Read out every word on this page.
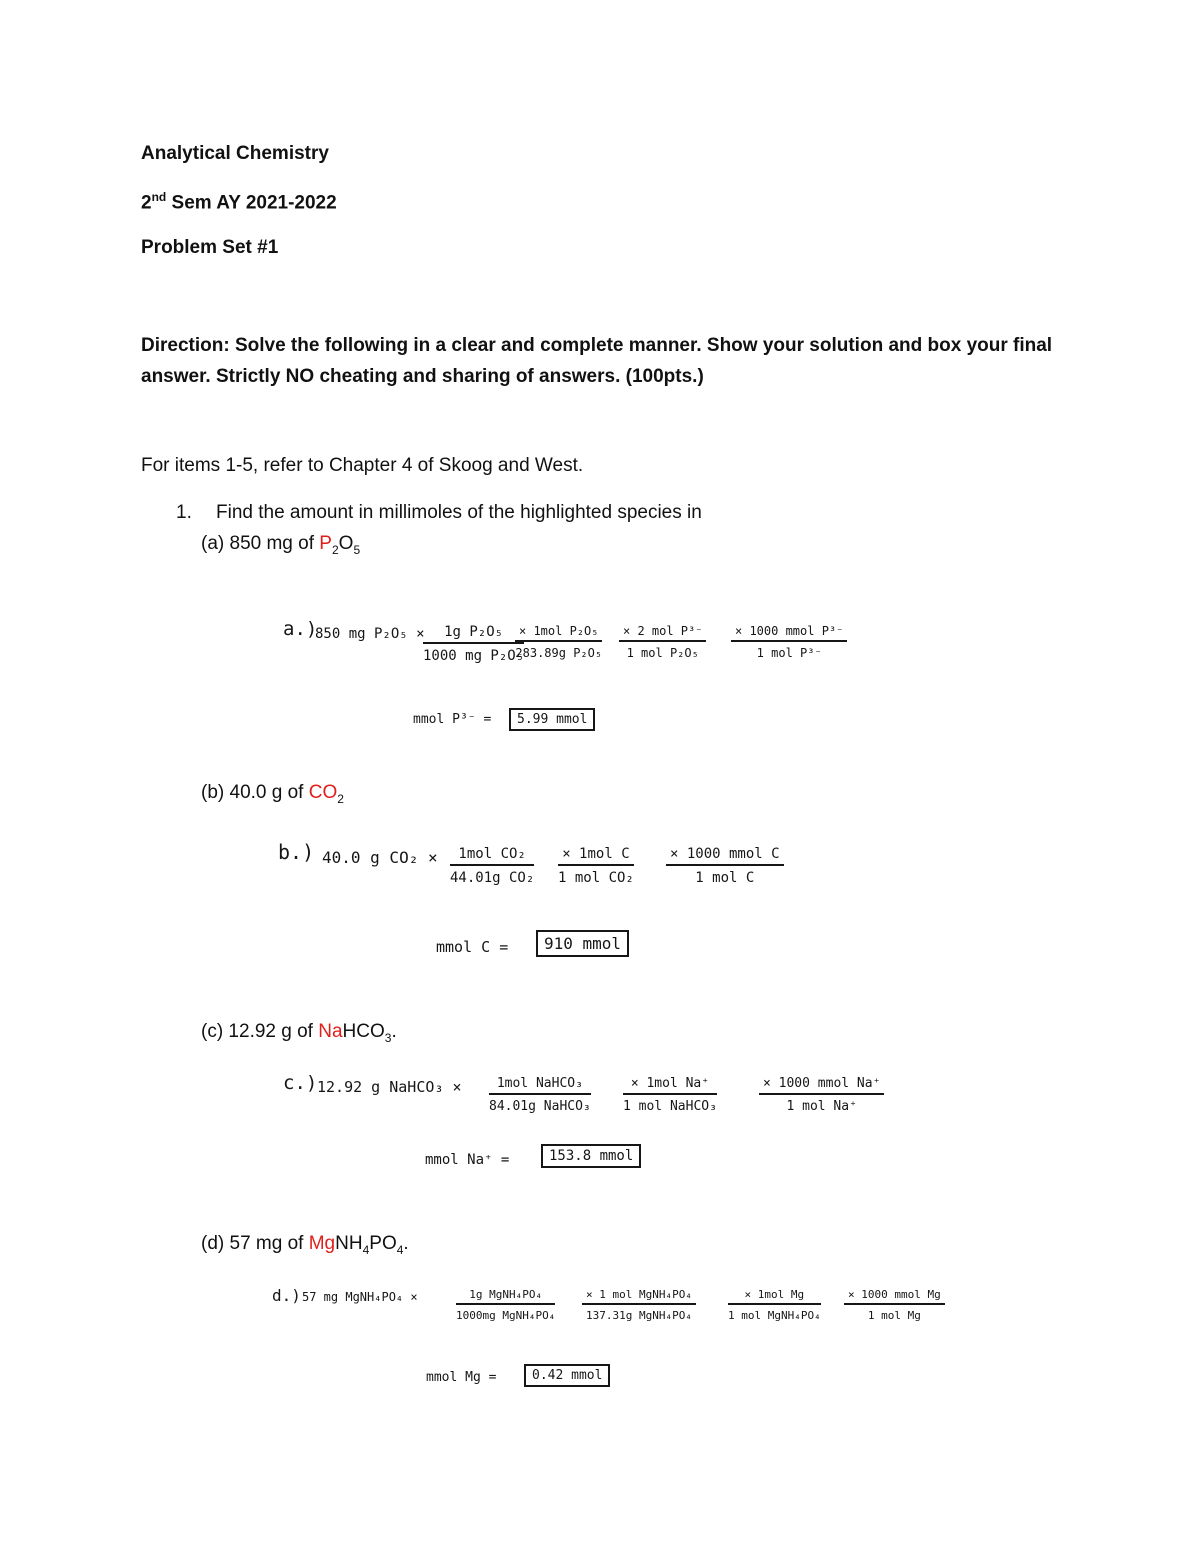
Analytical Chemistry
2nd Sem AY 2021-2022
Problem Set #1
Direction: Solve the following in a clear and complete manner. Show your solution and box your final answer. Strictly NO cheating and sharing of answers. (100pts.)
For items 1-5, refer to Chapter 4 of Skoog and West.
1. Find the amount in millimoles of the highlighted species in
(a) 850 mg of $P_2O_5$
a.)
850 mg P₂O₅ ×	1g P₂O₅
1000 mg P₂O₅
× 1mol P₂O₅
283.89g P₂O₅
× 2 mol P³⁻
1 mol P₂O₅
× 1000 mmol P³⁻
1 mol P³⁻
mmol P³⁻ =	5.99 mmol
(b) 40.0 g of $CO_2$
b.) 40.0 g CO₂ ×	1mol CO₂
44.01g CO₂
× 1mol C
1 mol CO₂
× 1000 mmol C
1 mol C
mmol C =	910 mmol
(c) 12.92 g of NaHCO$_3$.
c.) 12.92 g NaHCO₃ ×	1mol NaHCO₃
84.01g NaHCO₃
× 1mol Na⁺
1 mol NaHCO₃
× 1000 mmol Na⁺
1 mol Na⁺
mmol Na⁺ =	153.8 mmol
(d) 57 mg of $MgNH_4PO_4$.
d.) 57 mg MgNH₄PO₄ ×	1g MgNH₄PO₄
1000mg MgNH₄PO₄
× 1 mol MgNH₄PO₄
137.31g MgNH₄PO₄
× 1mol Mg
1 mol MgNH₄PO₄
× 1000 mmol Mg
1 mol Mg
mmol Mg =	0.42 mmol
